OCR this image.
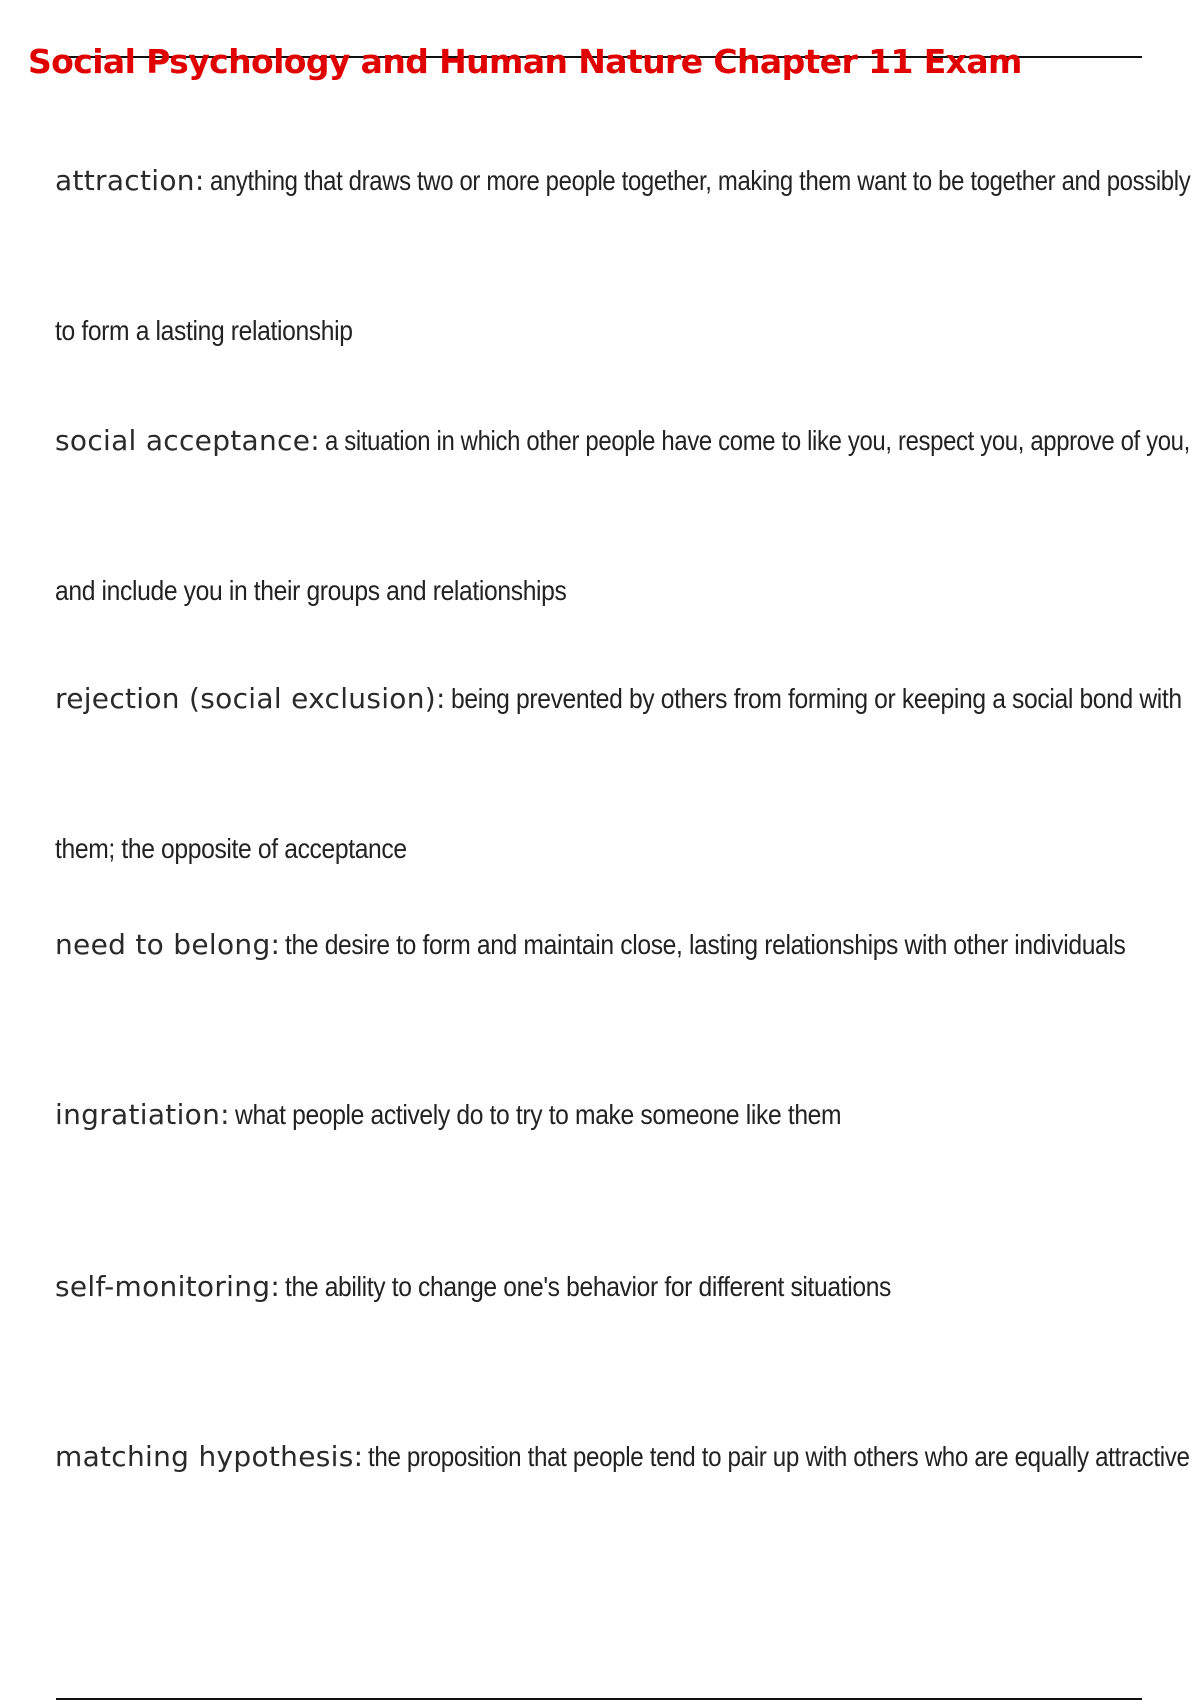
Social Psychology and Human Nature Chapter 11 Exam

attraction: anything that draws two or more people together, making them want to be together and possibly

to form a lasting relationship

social acceptance: a situation in which other people have come to like you, respect you, approve of you,

and include you in their groups and relationships

rejection (social exclusion): being prevented by others from forming or keeping a social bond with

them; the opposite of acceptance

need to belong: the desire to form and maintain close, lasting relationships with other individuals

ingratiation: what people actively do to try to make someone like them

self-monitoring: the ability to change one's behavior for different situations

matching hypothesis: the proposition that people tend to pair up with others who are equally attractive
